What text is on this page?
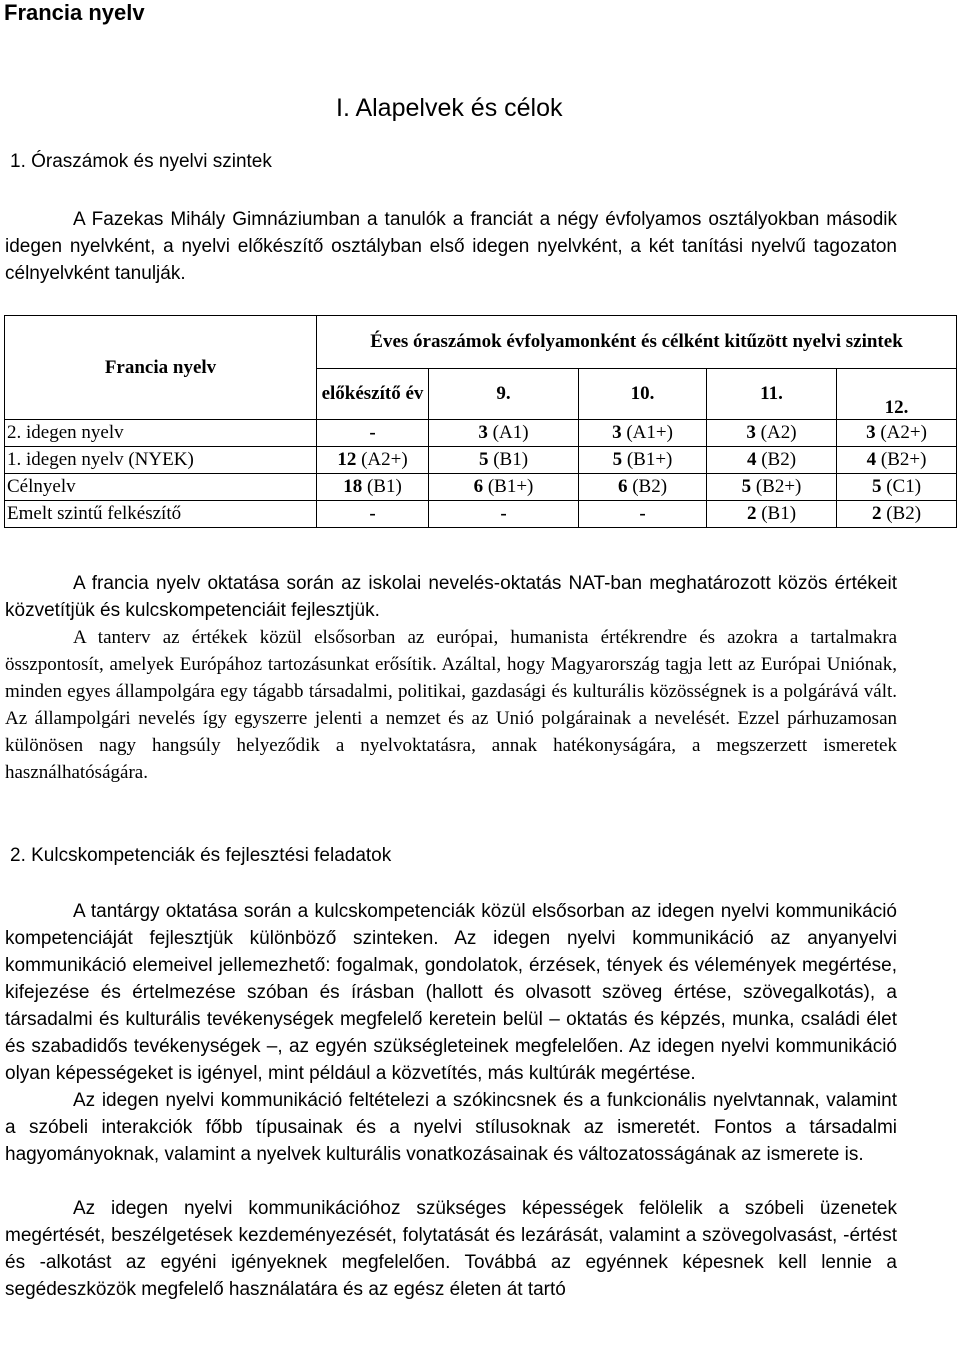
Francia nyelv
I. Alapelvek és célok
1. Óraszámok és nyelvi szintek

A Fazekas Mihály Gimnáziumban a tanulók a franciát a négy évfolyamos osztályokban második idegen nyelvként, a nyelvi előkészítő osztályban első idegen nyelvként, a két tanítási nyelvű tagozaton célnyelvként tanulják.

Francia nyelv	Éves óraszámok évfolyamonként és célként kitűzött nyelvi szintek				
	előkészítő év	9.	10.	11.	12.
2. idegen nyelv	-	3 (A1)	3 (A1+)	3 (A2)	3 (A2+)
1. idegen nyelv (NYEK)	12 (A2+)	5 (B1)	5 (B1+)	4 (B2)	4 (B2+)
Célnyelv	18 (B1)	6 (B1+)	6 (B2)	5 (B2+)	5 (C1)
Emelt szintű felkészítő	-	-	-	2 (B1)	2 (B2)

A francia nyelv oktatása során az iskolai nevelés-oktatás NAT-ban meghatározott közös értékeit közvetítjük és kulcskompetenciáit fejlesztjük.

A tanterv az értékek közül elsősorban az európai, humanista értékrendre és azokra a tartalmakra összpontosít, amelyek Európához tartozásunkat erősítik. Azáltal, hogy Magyarország tagja lett az Európai Uniónak, minden egyes állampolgára egy tágabb társadalmi, politikai, gazdasági és kulturális közösségnek is a polgárává vált. Az állampolgári nevelés így egyszerre jelenti a nemzet és az Unió polgárainak a nevelését. Ezzel párhuzamosan különösen nagy hangsúly helyeződik a nyelvoktatásra, annak hatékonyságára, a megszerzett ismeretek használhatóságára.

2. Kulcskompetenciák és fejlesztési feladatok

A tantárgy oktatása során a kulcskompetenciák közül elsősorban az idegen nyelvi kommunikáció kompetenciáját fejlesztjük különböző szinteken. Az idegen nyelvi kommunikáció az anyanyelvi kommunikáció elemeivel jellemezhető: fogalmak, gondolatok, érzések, tények és vélemények megértése, kifejezése és értelmezése szóban és írásban (hallott és olvasott szöveg értése, szövegalkotás), a társadalmi és kulturális tevékenységek megfelelő keretein belül – oktatás és képzés, munka, családi élet és szabadidős tevékenységek –, az egyén szükségleteinek megfelelően. Az idegen nyelvi kommunikáció olyan képességeket is igényel, mint például a közvetítés, más kultúrák megértése.

Az idegen nyelvi kommunikáció feltételezi a szókincsnek és a funkcionális nyelvtannak, valamint a szóbeli interakciók főbb típusainak és a nyelvi stílusoknak az ismeretét. Fontos a társadalmi hagyományoknak, valamint a nyelvek kulturális vonatkozásainak és változatosságának az ismerete is.

Az idegen nyelvi kommunikációhoz szükséges képességek felölelik a szóbeli üzenetek megértését, beszélgetések kezdeményezését, folytatását és lezárását, valamint a szövegolvasást, -értést és -alkotást az egyéni igényeknek megfelelően. Továbbá az egyénnek képesnek kell lennie a segédeszközök megfelelő használatára és az egész életen át tartó
